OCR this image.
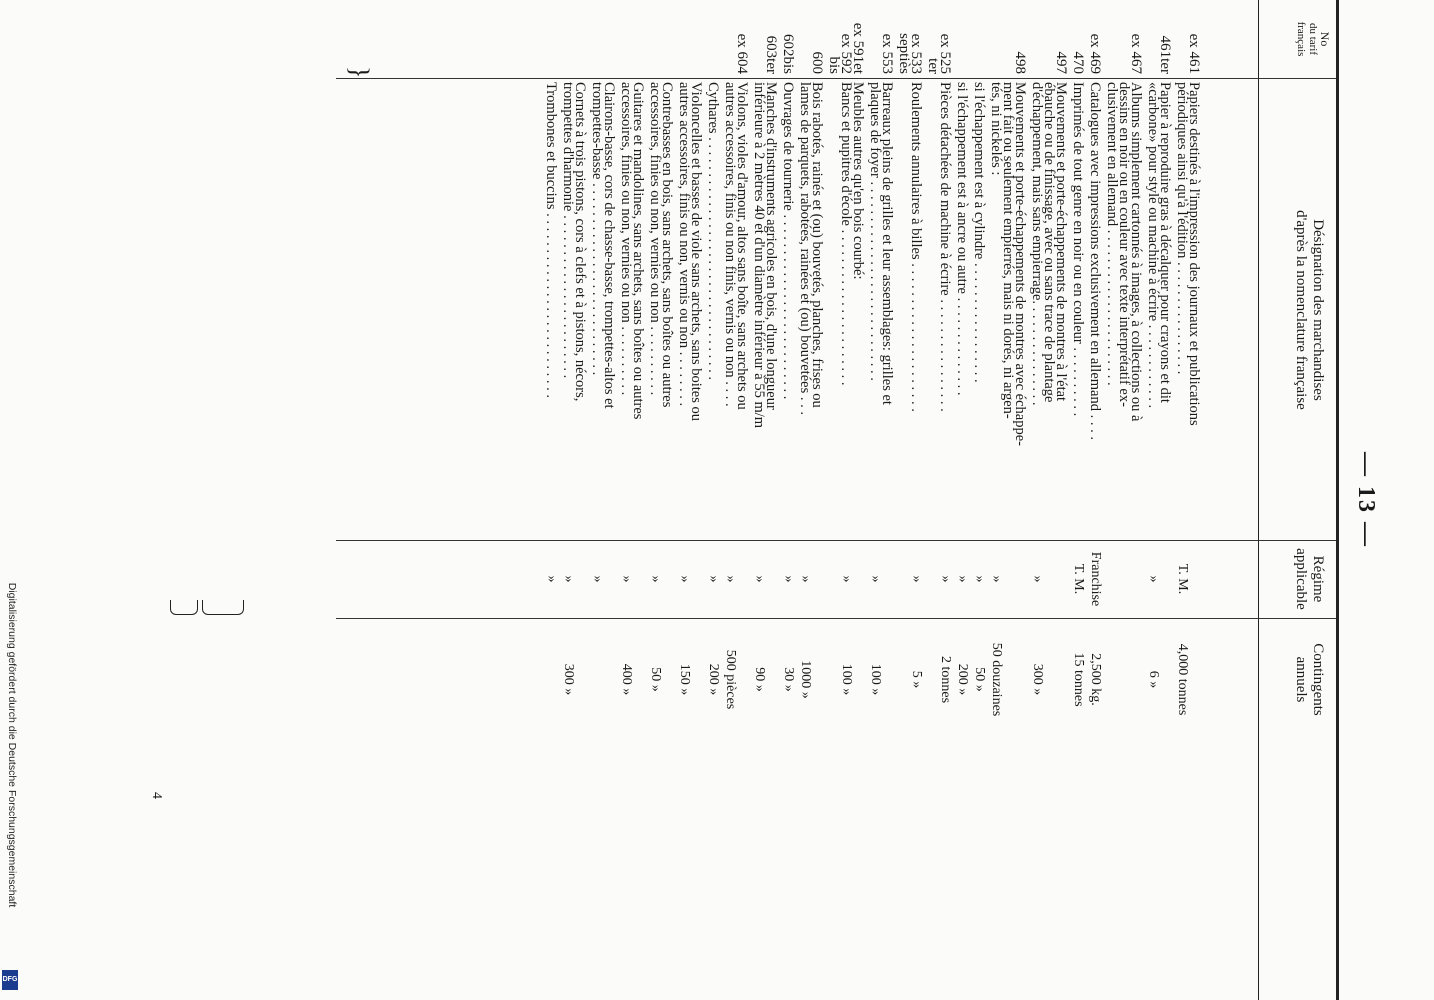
— 13 —
No
du tarif
français
Désignation des marchandises
d'après la nomenclature française
Régime
applicable
Contingents
annuels
ex 461
Papiers destinés à l'impression des journaux et publications
périodiques ainsi qu'à l'édition . . . . . . . . . . . . . . . .
T. M.
4,000 tonnes
461ter
Papier à reproduire gras à décalquer pour crayons et dit
«carbone» pour style ou machine à écrire . . . . . . . . . . . .
»
6 »
ex 467
Albums simplement cartonnés à images, à collections ou à
dessins en noir ou en couleur avec texte interprétatif ex-
clusivement en allemand . . . . . . . . . . . . . . . . . . . . . .
ex 469
Catalogues avec impressions exclusivement en allemand . . . .
Franchise
2,500 kg.
470
Imprimés de tout genre en noir ou en couleur . . . . . . . . . .
T. M.
15 tonnes
497
Mouvements et porte-échappements de montres à l'état
ébauche ou de finissage, avec ou sans trace de plantage
d'échappement, mais sans empierrage. . . . . . . . . . . . . . .
»
300 »
498
Mouvements et porte-échappements de montres avec échappe-
ment fait ou seulement empierrés, mais ni dorés, ni argen-
tés, ni nickelés :
»
50 douzaines
si l'échappement est à cylindre . . . . . . . . . . . . . . . . .
»
50 »
si l'échappement est à ancre ou autre . . . . . . . . . . . . . .
»
200 »
ex 525
ter
Pièces détachées de machine à écrire . . . . . . . . . . . . . . . .
»
2 tonnes
ex 533
septiès
Roulements annulaires à billes . . . . . . . . . . . . . . . . . . . . .
»
5 »
ex 553
Barreaux pleins de grilles et leur assemblages: grilles et
plaques de foyer . . . . . . . . . . . . . . . . . . . . . . . . . . . .
»
100 »
ex 591et
ex 592
bis
Meubles autres qu'en bois courbé:
Bancs et pupitres d'école . . . . . . . . . . . . . . . . . . . . . .
»
100 »
600
Bois rabotés, rainés et (ou) bouvetés, planches, frises ou
lames de parquets, rabotées, rainées et (ou) bouvetées . . .
»
1000 »
602bis
Ouvrages de tournerie . . . . . . . . . . . . . . . . . . . . . . . . . .
»
30 »
603ter
Manches d'instruments agricoles en bois, d'une longueur
inférieure à 2 mètres 40 et d'un diamètre inférieur à 55 m/m
»
90 »
ex 604
Violons, violes d'amour, altos sans boîte, sans archets ou
autres accessoires, finis ou non finis, vernis ou non . . . .
»
500 pièces
Cythares . . . . . . . . . . . . . . . . . . . . . . . . . . . . . . . . . .
»
200 »
Violoncelles et basses de viole sans archets, sans boites ou
autres accessoires, finis ou non, vernis ou non . . . . . . . .
»
150 »
Contrebasses en bois, sans archets, sans boîtes ou autres
accessoires, finies ou non, vernies ou non . . . . . . . . . .
»
50 »
Guitares et mandolines, sans archets, sans boîtes ou autres
accessoires, finies ou non, vernies ou non . . . . . . . . . .
»
400 »
Clairons-basse, cors de chasse-basse, trompettes-altos et
trompettes-basse . . . . . . . . . . . . . . . . . . . . . . . . . . .
»
Cornets à trois pistons, cors à clefs et à pistons, nécors,
trompettes d'harmonie . . . . . . . . . . . . . . . . . . . . . . .
»
300 »
Trombones et buccins . . . . . . . . . . . . . . . . . . . . . . . . . .
»
}
4
Digitalisierung gefördert durch die Deutsche Forschungsgemeinschaft
DFG
